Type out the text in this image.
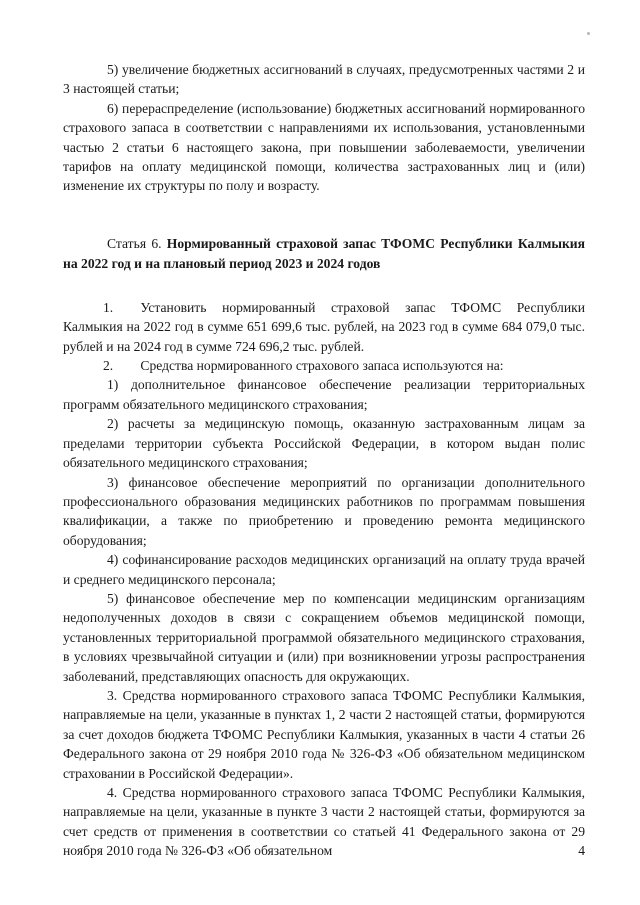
5) увеличение бюджетных ассигнований в случаях, предусмотренных частями 2 и 3 настоящей статьи;

6) перераспределение (использование) бюджетных ассигнований нормированного страхового запаса в соответствии с направлениями их использования, установленными частью 2 статьи 6 настоящего закона, при повышении заболеваемости, увеличении тарифов на оплату медицинской помощи, количества застрахованных лиц и (или) изменение их структуры по полу и возрасту.

Статья 6. Нормированный страховой запас ТФОМС Республики Калмыкия на 2022 год и на плановый период 2023 и 2024 годов

1.  Установить нормированный страховой запас ТФОМС Республики Калмыкия на 2022 год в сумме 651 699,6 тыс. рублей, на 2023 год в сумме 684 079,0 тыс. рублей и на 2024 год в сумме 724 696,2 тыс. рублей.

2.  Средства нормированного страхового запаса используются на:

1) дополнительное финансовое обеспечение реализации территориальных программ обязательного медицинского страхования;

2) расчеты за медицинскую помощь, оказанную застрахованным лицам за пределами территории субъекта Российской Федерации, в котором выдан полис обязательного медицинского страхования;

3) финансовое обеспечение мероприятий по организации дополнительного профессионального образования медицинских работников по программам повышения квалификации, а также по приобретению и проведению ремонта медицинского оборудования;

4) софинансирование расходов медицинских организаций на оплату труда врачей и среднего медицинского персонала;

5) финансовое обеспечение мер по компенсации медицинским организациям недополученных доходов в связи с сокращением объемов медицинской помощи, установленных территориальной программой обязательного медицинского страхования, в условиях чрезвычайной ситуации и (или) при возникновении угрозы распространения заболеваний, представляющих опасность для окружающих.

3. Средства нормированного страхового запаса ТФОМС Республики Калмыкия, направляемые на цели, указанные в пунктах 1, 2 части 2 настоящей статьи, формируются за счет доходов бюджета ТФОМС Республики Калмыкия, указанных в части 4 статьи 26 Федерального закона от 29 ноября 2010 года № 326-ФЗ «Об обязательном медицинском страховании в Российской Федерации».

4. Средства нормированного страхового запаса ТФОМС Республики Калмыкия, направляемые на цели, указанные в пункте 3 части 2 настоящей статьи, формируются за счет средств от применения в соответствии со статьей 41 Федерального закона от 29 ноября 2010 года № 326-ФЗ «Об обязательном	4
